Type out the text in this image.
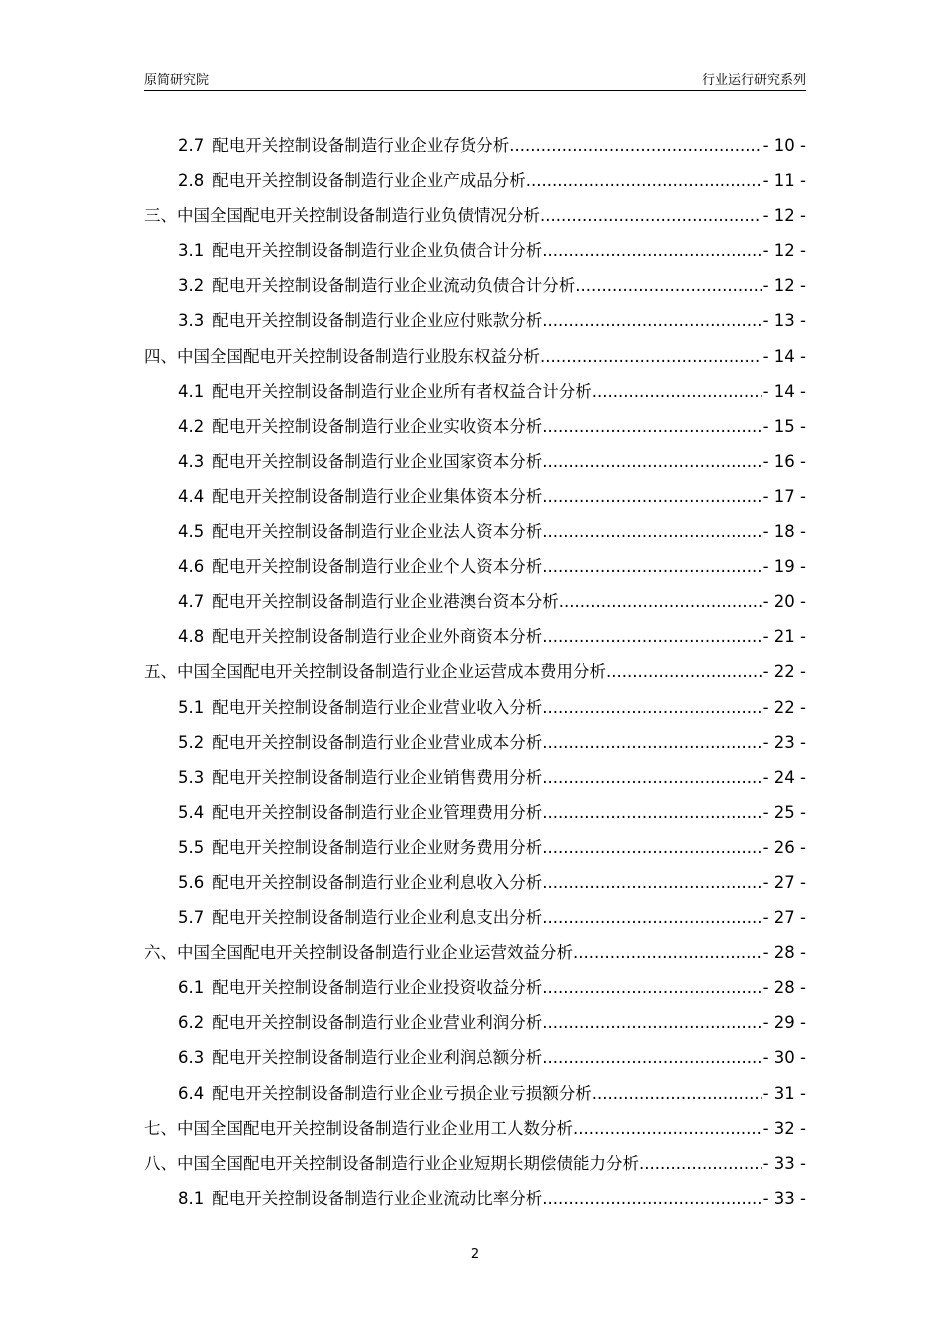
原简研究院	行业运行研究系列
2.7 配电开关控制设备制造行业企业存货分析 .....	- 10 -
2.8 配电开关控制设备制造行业企业产成品分析 .....	- 11 -
三、中国全国配电开关控制设备制造行业负债情况分析 .....	- 12 -
3.1 配电开关控制设备制造行业企业负债合计分析 .....	- 12 -
3.2 配电开关控制设备制造行业企业流动负债合计分析 .....	- 12 -
3.3 配电开关控制设备制造行业企业应付账款分析 .....	- 13 -
四、中国全国配电开关控制设备制造行业股东权益分析 .....	- 14 -
4.1 配电开关控制设备制造行业企业所有者权益合计分析 .....	- 14 -
4.2 配电开关控制设备制造行业企业实收资本分析 .....	- 15 -
4.3 配电开关控制设备制造行业企业国家资本分析 .....	- 16 -
4.4 配电开关控制设备制造行业企业集体资本分析 .....	- 17 -
4.5 配电开关控制设备制造行业企业法人资本分析 .....	- 18 -
4.6 配电开关控制设备制造行业企业个人资本分析 .....	- 19 -
4.7 配电开关控制设备制造行业企业港澳台资本分析 .....	- 20 -
4.8 配电开关控制设备制造行业企业外商资本分析 .....	- 21 -
五、中国全国配电开关控制设备制造行业企业运营成本费用分析 .....	- 22 -
5.1 配电开关控制设备制造行业企业营业收入分析 .....	- 22 -
5.2 配电开关控制设备制造行业企业营业成本分析 .....	- 23 -
5.3 配电开关控制设备制造行业企业销售费用分析 .....	- 24 -
5.4 配电开关控制设备制造行业企业管理费用分析 .....	- 25 -
5.5 配电开关控制设备制造行业企业财务费用分析 .....	- 26 -
5.6 配电开关控制设备制造行业企业利息收入分析 .....	- 27 -
5.7 配电开关控制设备制造行业企业利息支出分析 .....	- 27 -
六、中国全国配电开关控制设备制造行业企业运营效益分析 .....	- 28 -
6.1 配电开关控制设备制造行业企业投资收益分析 .....	- 28 -
6.2 配电开关控制设备制造行业企业营业利润分析 .....	- 29 -
6.3 配电开关控制设备制造行业企业利润总额分析 .....	- 30 -
6.4 配电开关控制设备制造行业企业亏损企业亏损额分析 .....	- 31 -
七、中国全国配电开关控制设备制造行业企业用工人数分析 .....	- 32 -
八、中国全国配电开关控制设备制造行业企业短期长期偿债能力分析 .....	- 33 -
8.1 配电开关控制设备制造行业企业流动比率分析 .....	- 33 -
2
